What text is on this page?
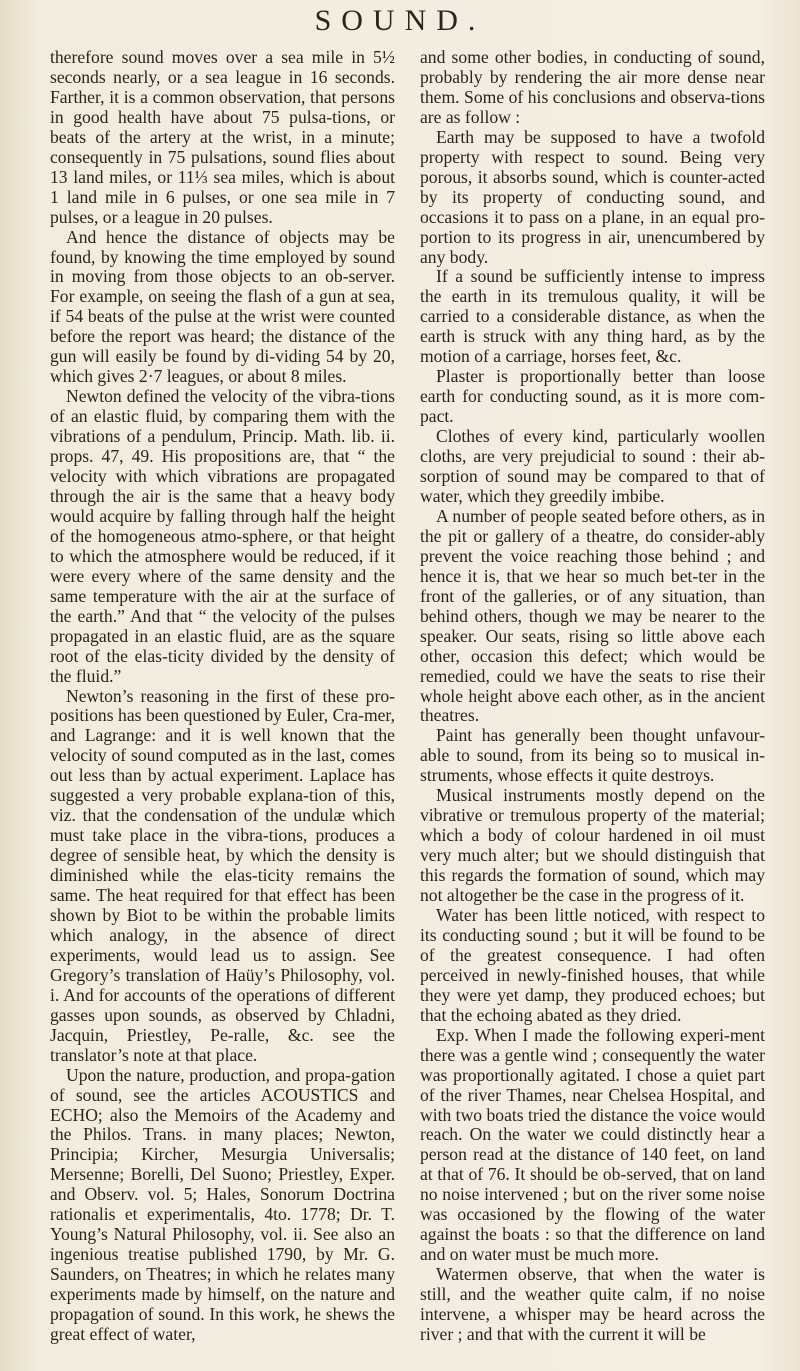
SOUND.

therefore sound moves over a sea mile in 5½ seconds nearly, or a sea league in 16 seconds. Farther, it is a common observation, that persons in good health have about 75 pulsa-tions, or beats of the artery at the wrist, in a minute; consequently in 75 pulsations, sound flies about 13 land miles, or 11⅓ sea miles, which is about 1 land mile in 6 pulses, or one sea mile in 7 pulses, or a league in 20 pulses.

And hence the distance of objects may be found, by knowing the time employed by sound in moving from those objects to an ob-server. For example, on seeing the flash of a gun at sea, if 54 beats of the pulse at the wrist were counted before the report was heard; the distance of the gun will easily be found by di-viding 54 by 20, which gives 2·7 leagues, or about 8 miles.

Newton defined the velocity of the vibra-tions of an elastic fluid, by comparing them with the vibrations of a pendulum, Princip. Math. lib. ii. props. 47, 49. His propositions are, that “ the velocity with which vibrations are propagated through the air is the same that a heavy body would acquire by falling through half the height of the homogeneous atmo-sphere, or that height to which the atmosphere would be reduced, if it were every where of the same density and the same temperature with the air at the surface of the earth.” And that “ the velocity of the pulses propagated in an elastic fluid, are as the square root of the elas-ticity divided by the density of the fluid.”

Newton’s reasoning in the first of these pro-positions has been questioned by Euler, Cra-mer, and Lagrange: and it is well known that the velocity of sound computed as in the last, comes out less than by actual experiment. Laplace has suggested a very probable explana-tion of this, viz. that the condensation of the undulæ which must take place in the vibra-tions, produces a degree of sensible heat, by which the density is diminished while the elas-ticity remains the same. The heat required for that effect has been shown by Biot to be within the probable limits which analogy, in the absence of direct experiments, would lead us to assign. See Gregory’s translation of Haüy’s Philosophy, vol. i. And for accounts of the operations of different gasses upon sounds, as observed by Chladni, Jacquin, Priestley, Pe-ralle, &c. see the translator’s note at that place.

Upon the nature, production, and propa-gation of sound, see the articles ACOUSTICS and ECHO; also the Memoirs of the Academy and the Philos. Trans. in many places; Newton, Principia; Kircher, Mesurgia Universalis; Mersenne; Borelli, Del Suono; Priestley, Exper. and Observ. vol. 5; Hales, Sonorum Doctrina rationalis et experimentalis, 4to. 1778; Dr. T. Young’s Natural Philosophy, vol. ii. See also an ingenious treatise published 1790, by Mr. G. Saunders, on Theatres; in which he relates many experiments made by himself, on the nature and propagation of sound. In this work, he shews the great effect of water,

and some other bodies, in conducting of sound, probably by rendering the air more dense near them. Some of his conclusions and observa-tions are as follow :

Earth may be supposed to have a twofold property with respect to sound. Being very porous, it absorbs sound, which is counter-acted by its property of conducting sound, and occasions it to pass on a plane, in an equal pro-portion to its progress in air, unencumbered by any body.

If a sound be sufficiently intense to impress the earth in its tremulous quality, it will be carried to a considerable distance, as when the earth is struck with any thing hard, as by the motion of a carriage, horses feet, &c.

Plaster is proportionally better than loose earth for conducting sound, as it is more com-pact.

Clothes of every kind, particularly woollen cloths, are very prejudicial to sound : their ab-sorption of sound may be compared to that of water, which they greedily imbibe.

A number of people seated before others, as in the pit or gallery of a theatre, do consider-ably prevent the voice reaching those behind ; and hence it is, that we hear so much bet-ter in the front of the galleries, or of any situation, than behind others, though we may be nearer to the speaker. Our seats, rising so little above each other, occasion this defect; which would be remedied, could we have the seats to rise their whole height above each other, as in the ancient theatres.

Paint has generally been thought unfavour-able to sound, from its being so to musical in-struments, whose effects it quite destroys.

Musical instruments mostly depend on the vibrative or tremulous property of the material; which a body of colour hardened in oil must very much alter; but we should distinguish that this regards the formation of sound, which may not altogether be the case in the progress of it.

Water has been little noticed, with respect to its conducting sound ; but it will be found to be of the greatest consequence. I had often perceived in newly-finished houses, that while they were yet damp, they produced echoes; but that the echoing abated as they dried.

Exp. When I made the following experi-ment there was a gentle wind ; consequently the water was proportionally agitated. I chose a quiet part of the river Thames, near Chelsea Hospital, and with two boats tried the distance the voice would reach. On the water we could distinctly hear a person read at the distance of 140 feet, on land at that of 76. It should be ob-served, that on land no noise intervened ; but on the river some noise was occasioned by the flowing of the water against the boats : so that the difference on land and on water must be much more.

Watermen observe, that when the water is still, and the weather quite calm, if no noise intervene, a whisper may be heard across the river ; and that with the current it will be
